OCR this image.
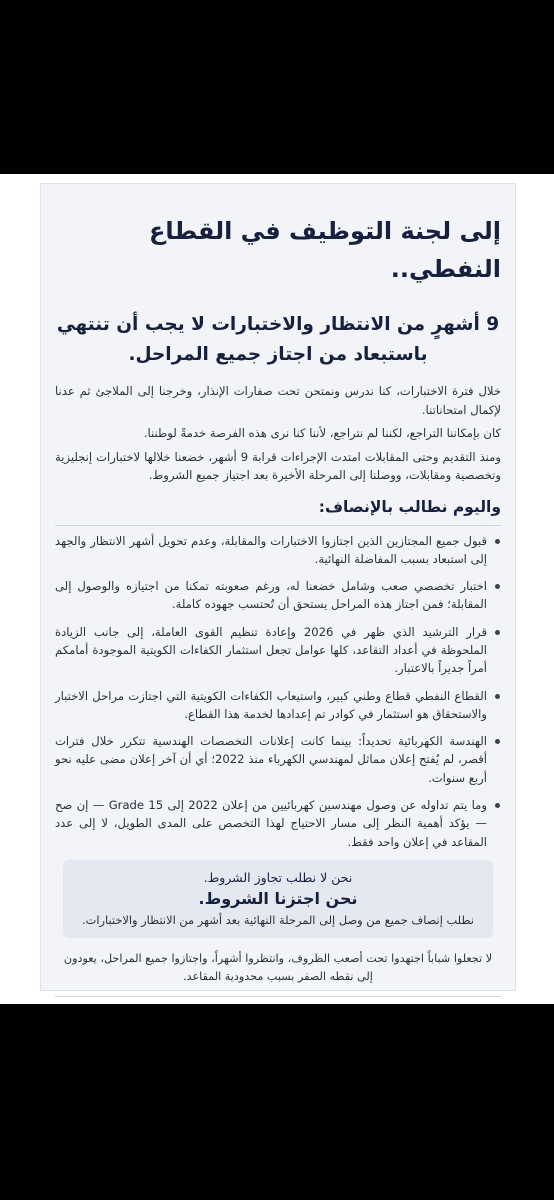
إلى لجنة التوظيف في القطاع النفطي..
9 أشهرٍ من الانتظار والاختبارات لا يجب أن تنتهي باستبعاد من اجتاز جميع المراحل.

خلال فترة الاختبارات، كنا ندرس ونمتحن تحت صفارات الإنذار، وخرجنا إلى الملاجئ ثم عدنا لإكمال امتحاناتنا.

كان بإمكاننا التراجع، لكننا لم نتراجع، لأننا كنا نرى هذه الفرصة خدمةً لوطننا.

ومنذ التقديم وحتى المقابلات امتدت الإجراءات قرابة 9 أشهر، خضعنا خلالها لاختبارات إنجليزية وتخصصية ومقابلات، ووصلنا إلى المرحلة الأخيرة بعد اجتياز جميع الشروط.

واليوم نطالب بالإنصاف:
قبول جميع المجتازين الذين اجتازوا الاختبارات والمقابلة، وعدم تحويل أشهر الانتظار والجهد إلى استبعاد بسبب المفاضلة النهائية.
اختبار تخصصي صعب وشامل خضعنا له، ورغم صعوبته تمكنا من اجتيازه والوصول إلى المقابلة؛ فمن اجتاز هذه المراحل يستحق أن تُحتسب جهوده كاملة.
قرار الترشيد الذي ظهر في 2026 وإعادة تنظيم القوى العاملة، إلى جانب الزيادة الملحوظة في أعداد التقاعد، كلها عوامل تجعل استثمار الكفاءات الكويتية الموجودة أمامكم أمراً جديراً بالاعتبار.
القطاع النفطي قطاع وطني كبير، واستيعاب الكفاءات الكويتية التي اجتازت مراحل الاختبار والاستحقاق هو استثمار في كوادر تم إعدادها لخدمة هذا القطاع.
الهندسة الكهربائية تحديداً: بينما كانت إعلانات التخصصات الهندسية تتكرر خلال فترات أقصر، لم يُفتح إعلان مماثل لمهندسي الكهرباء منذ 2022؛ أي أن آخر إعلان مضى عليه نحو أربع سنوات.
وما يتم تداوله عن وصول مهندسين كهربائيين من إعلان 2022 إلى Grade 15 — إن صح — يؤكد أهمية النظر إلى مسار الاحتياج لهذا التخصص على المدى الطويل، لا إلى عدد المقاعد في إعلان واحد فقط.
نحن لا نطلب تجاوز الشروط.
نحن اجتزنا الشروط.
نطلب إنصاف جميع من وصل إلى المرحلة النهائية بعد أشهر من الانتظار والاختبارات.
لا تجعلوا شباباً اجتهدوا تحت أصعب الظروف، وانتظروا أشهراً، واجتازوا جميع المراحل، يعودون إلى نقطه الصفر بسبب محدودية المقاعد.
